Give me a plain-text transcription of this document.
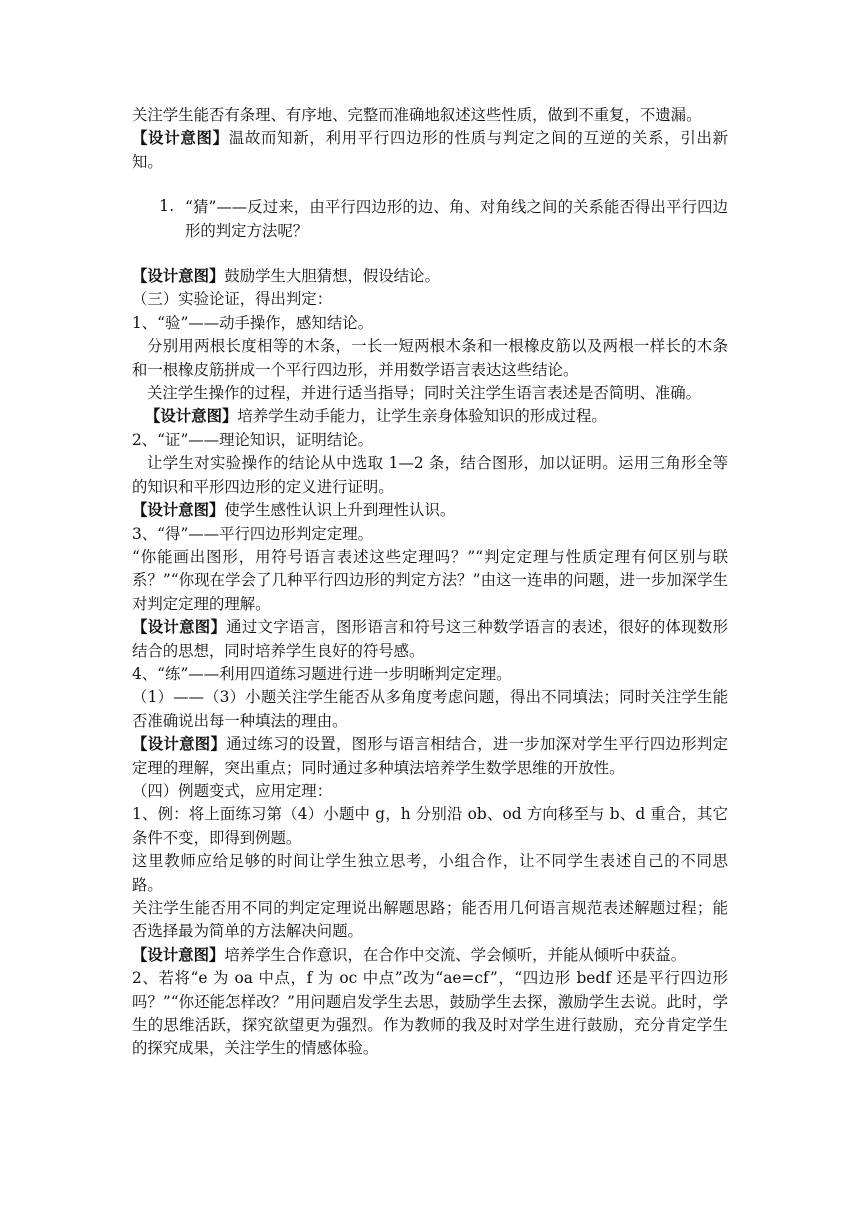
关注学生能否有条理、有序地、完整而准确地叙述这些性质，做到不重复，不遗漏。

【设计意图】温故而知新，利用平行四边形的性质与判定之间的互逆的关系，引出新知。

1. “猜”——反过来，由平行四边形的边、角、对角线之间的关系能否得出平行四边形的判定方法呢？

【设计意图】鼓励学生大胆猜想，假设结论。

（三）实验论证，得出判定：

1、“验”——动手操作，感知结论。

分别用两根长度相等的木条，一长一短两根木条和一根橡皮筋以及两根一样长的木条和一根橡皮筋拼成一个平行四边形，并用数学语言表达这些结论。

关注学生操作的过程，并进行适当指导；同时关注学生语言表述是否简明、准确。

【设计意图】培养学生动手能力，让学生亲身体验知识的形成过程。

2、“证”——理论知识，证明结论。

让学生对实验操作的结论从中选取 1—2 条，结合图形，加以证明。运用三角形全等的知识和平形四边形的定义进行证明。

【设计意图】使学生感性认识上升到理性认识。

3、“得”——平行四边形判定定理。

“你能画出图形，用符号语言表述这些定理吗？”“判定定理与性质定理有何区别与联系？”“你现在学会了几种平行四边形的判定方法？”由这一连串的问题，进一步加深学生对判定定理的理解。

【设计意图】通过文字语言，图形语言和符号这三种数学语言的表述，很好的体现数形结合的思想，同时培养学生良好的符号感。

4、“练”——利用四道练习题进行进一步明晰判定定理。

（1）——（3）小题关注学生能否从多角度考虑问题，得出不同填法；同时关注学生能否准确说出每一种填法的理由。

【设计意图】通过练习的设置，图形与语言相结合，进一步加深对学生平行四边形判定定理的理解，突出重点；同时通过多种填法培养学生数学思维的开放性。

（四）例题变式，应用定理：

1、例：将上面练习第（4）小题中 g，h 分别沿 ob、od 方向移至与 b、d 重合，其它条件不变，即得到例题。

这里教师应给足够的时间让学生独立思考，小组合作，让不同学生表述自己的不同思路。

关注学生能否用不同的判定定理说出解题思路；能否用几何语言规范表述解题过程；能否选择最为简单的方法解决问题。

【设计意图】培养学生合作意识，在合作中交流、学会倾听，并能从倾听中获益。

2、若将“e 为 oa 中点，f 为 oc 中点”改为“ae=cf”，“四边形 bedf 还是平行四边形吗？”“你还能怎样改？”用问题启发学生去思，鼓励学生去探，激励学生去说。此时，学生的思维活跃，探究欲望更为强烈。作为教师的我及时对学生进行鼓励，充分肯定学生的探究成果，关注学生的情感体验。
